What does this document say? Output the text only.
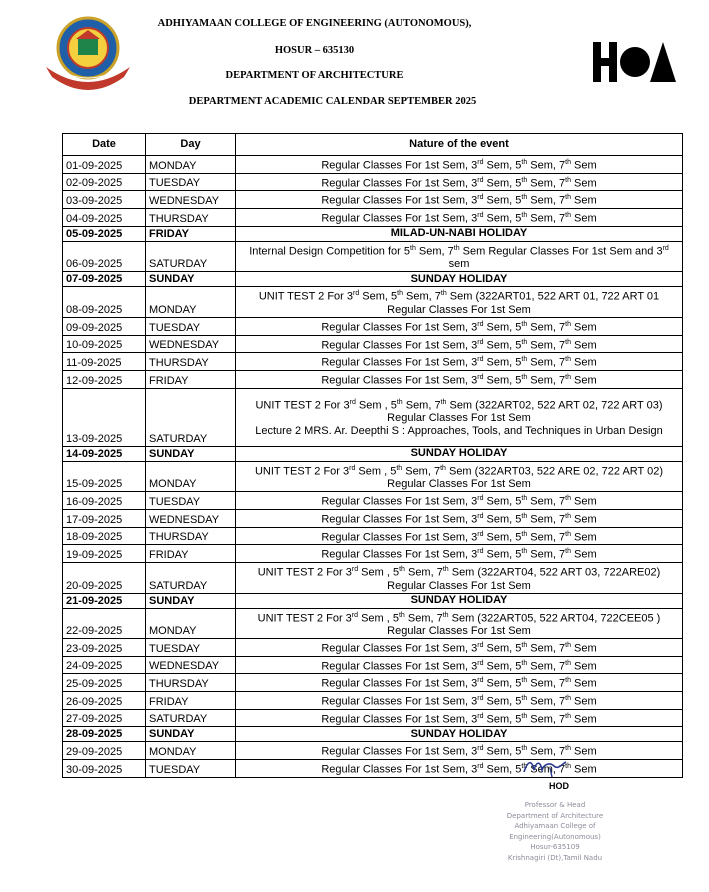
ADHIYAMAAN COLLEGE OF ENGINEERING (AUTONOMOUS),
HOSUR – 635130
DEPARTMENT OF ARCHITECTURE
DEPARTMENT ACADEMIC CALENDAR SEPTEMBER 2025
Date	Day	Nature of the event
01-09-2025	MONDAY	Regular Classes For 1st Sem, 3rd Sem, 5th Sem, 7th Sem
02-09-2025	TUESDAY	Regular Classes For 1st Sem, 3rd Sem, 5th Sem, 7th Sem
03-09-2025	WEDNESDAY	Regular Classes For 1st Sem, 3rd Sem, 5th Sem, 7th Sem
04-09-2025	THURSDAY	Regular Classes For 1st Sem, 3rd Sem, 5th Sem, 7th Sem
05-09-2025	FRIDAY	MILAD-UN-NABI HOLIDAY
06-09-2025	SATURDAY	Internal Design Competition for 5th Sem, 7th Sem Regular Classes For 1st Sem and 3rd sem
07-09-2025	SUNDAY	SUNDAY HOLIDAY
08-09-2025	MONDAY	UNIT TEST 2 For 3rd Sem, 5th Sem, 7th Sem (322ART01, 522 ART 01, 722 ART 01 Regular Classes For 1st Sem
09-09-2025	TUESDAY	Regular Classes For 1st Sem, 3rd Sem, 5th Sem, 7th Sem
10-09-2025	WEDNESDAY	Regular Classes For 1st Sem, 3rd Sem, 5th Sem, 7th Sem
11-09-2025	THURSDAY	Regular Classes For 1st Sem, 3rd Sem, 5th Sem, 7th Sem
12-09-2025	FRIDAY	Regular Classes For 1st Sem, 3rd Sem, 5th Sem, 7th Sem
13-09-2025	SATURDAY	UNIT TEST 2 For 3rd Sem , 5th Sem, 7th Sem (322ART02, 522 ART 02, 722 ART 03) Regular Classes For 1st Sem
Lecture 2 MRS. Ar. Deepthi S : Approaches, Tools, and Techniques in Urban Design
14-09-2025	SUNDAY	SUNDAY HOLIDAY
15-09-2025	MONDAY	UNIT TEST 2 For 3rd Sem , 5th Sem, 7th Sem (322ART03, 522 ARE 02, 722 ART 02) Regular Classes For 1st Sem
16-09-2025	TUESDAY	Regular Classes For 1st Sem, 3rd Sem, 5th Sem, 7th Sem
17-09-2025	WEDNESDAY	Regular Classes For 1st Sem, 3rd Sem, 5th Sem, 7th Sem
18-09-2025	THURSDAY	Regular Classes For 1st Sem, 3rd Sem, 5th Sem, 7th Sem
19-09-2025	FRIDAY	Regular Classes For 1st Sem, 3rd Sem, 5th Sem, 7th Sem
20-09-2025	SATURDAY	UNIT TEST 2 For 3rd Sem , 5th Sem, 7th Sem (322ART04, 522 ART 03, 722ARE02) Regular Classes For 1st Sem
21-09-2025	SUNDAY	SUNDAY HOLIDAY
22-09-2025	MONDAY	UNIT TEST 2 For 3rd Sem , 5th Sem, 7th Sem (322ART05, 522 ART04, 722CEE05 ) Regular Classes For 1st Sem
23-09-2025	TUESDAY	Regular Classes For 1st Sem, 3rd Sem, 5th Sem, 7th Sem
24-09-2025	WEDNESDAY	Regular Classes For 1st Sem, 3rd Sem, 5th Sem, 7th Sem
25-09-2025	THURSDAY	Regular Classes For 1st Sem, 3rd Sem, 5th Sem, 7th Sem
26-09-2025	FRIDAY	Regular Classes For 1st Sem, 3rd Sem, 5th Sem, 7th Sem
27-09-2025	SATURDAY	Regular Classes For 1st Sem, 3rd Sem, 5th Sem, 7th Sem
28-09-2025	SUNDAY	SUNDAY HOLIDAY
29-09-2025	MONDAY	Regular Classes For 1st Sem, 3rd Sem, 5th Sem, 7th Sem
30-09-2025	TUESDAY	Regular Classes For 1st Sem, 3rd Sem, 5th Sem, 7th Sem
HOD
Professor & Head
Department of Architecture
Adhiyamaan College of Engineering(Autonomous)
Hosur-635109
Krishnagiri (Dt),Tamil Nadu
